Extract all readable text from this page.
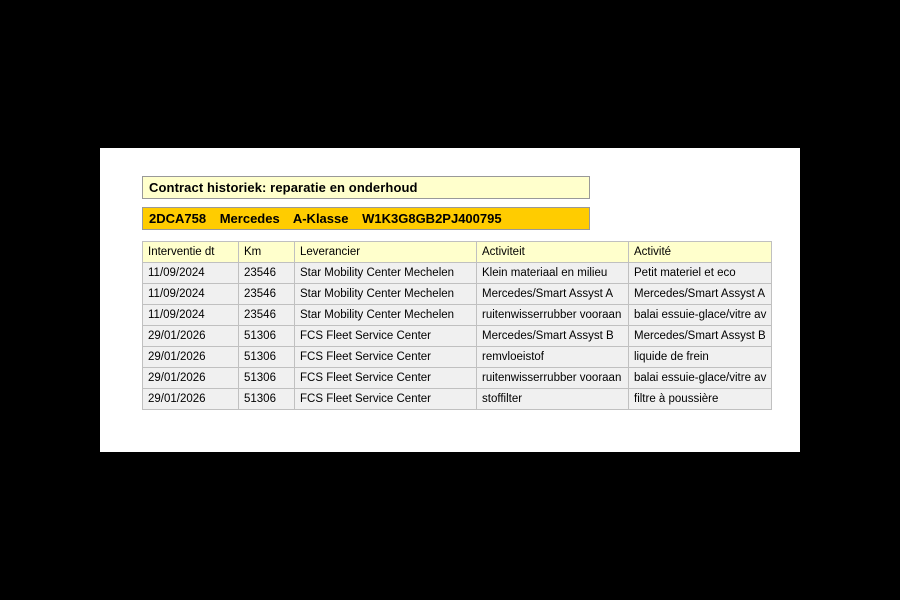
Contract historiek: reparatie en onderhoud
2DCA758 Mercedes A-Klasse W1K3G8GB2PJ400795
Interventie dt	Km	Leverancier	Activiteit	Activité
11/09/2024	23546	Star Mobility Center Mechelen	Klein materiaal en milieu	Petit materiel et eco
11/09/2024	23546	Star Mobility Center Mechelen	Mercedes/Smart Assyst A	Mercedes/Smart Assyst A
11/09/2024	23546	Star Mobility Center Mechelen	ruitenwisserrubber vooraan	balai essuie-glace/vitre av
29/01/2026	51306	FCS Fleet Service Center	Mercedes/Smart Assyst B	Mercedes/Smart Assyst B
29/01/2026	51306	FCS Fleet Service Center	remvloeistof	liquide de frein
29/01/2026	51306	FCS Fleet Service Center	ruitenwisserrubber vooraan	balai essuie-glace/vitre av
29/01/2026	51306	FCS Fleet Service Center	stoffilter	filtre à poussière
